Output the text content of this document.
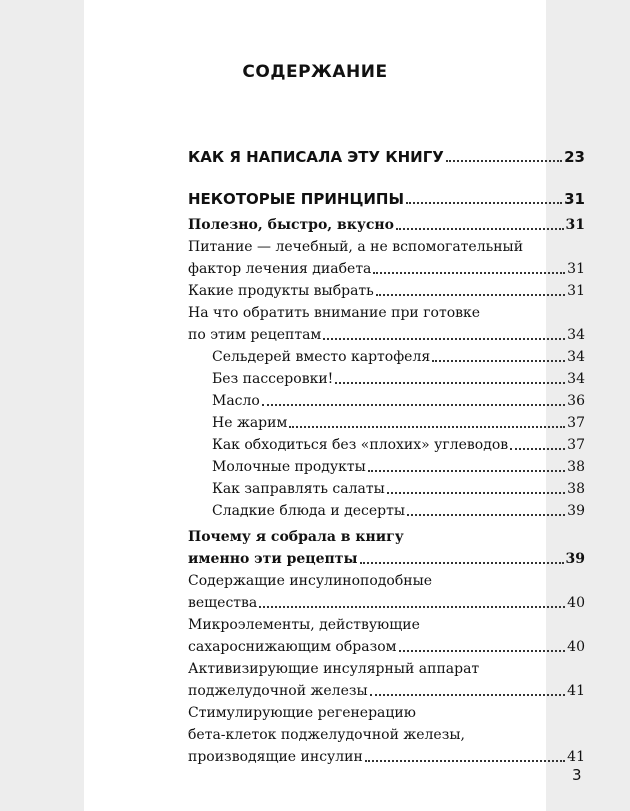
СОДЕРЖАНИЕ
КАК Я НАПИСАЛА ЭТУ КНИГУ	23
НЕКОТОРЫЕ ПРИНЦИПЫ	31
Полезно, быстро, вкусно	31
Питание — лечебный, а не вспомогательный
фактор лечения диабета	31
Какие продукты выбрать	31
На что обратить внимание при готовке
по этим рецептам	34
Сельдерей вместо картофеля	34
Без пассеровки!	34
Масло	36
Не жарим	37
Как обходиться без «плохих» углеводов	37
Молочные продукты	38
Как заправлять салаты	38
Сладкие блюда и десерты	39
Почему я собрала в книгу
именно эти рецепты	39
Содержащие инсулиноподобные
вещества	40
Микроэлементы, действующие
сахароснижающим образом	40
Активизирующие инсулярный аппарат
поджелудочной железы	41
Стимулирующие регенерацию
бета-клеток поджелудочной железы,
производящие инсулин	41
3
